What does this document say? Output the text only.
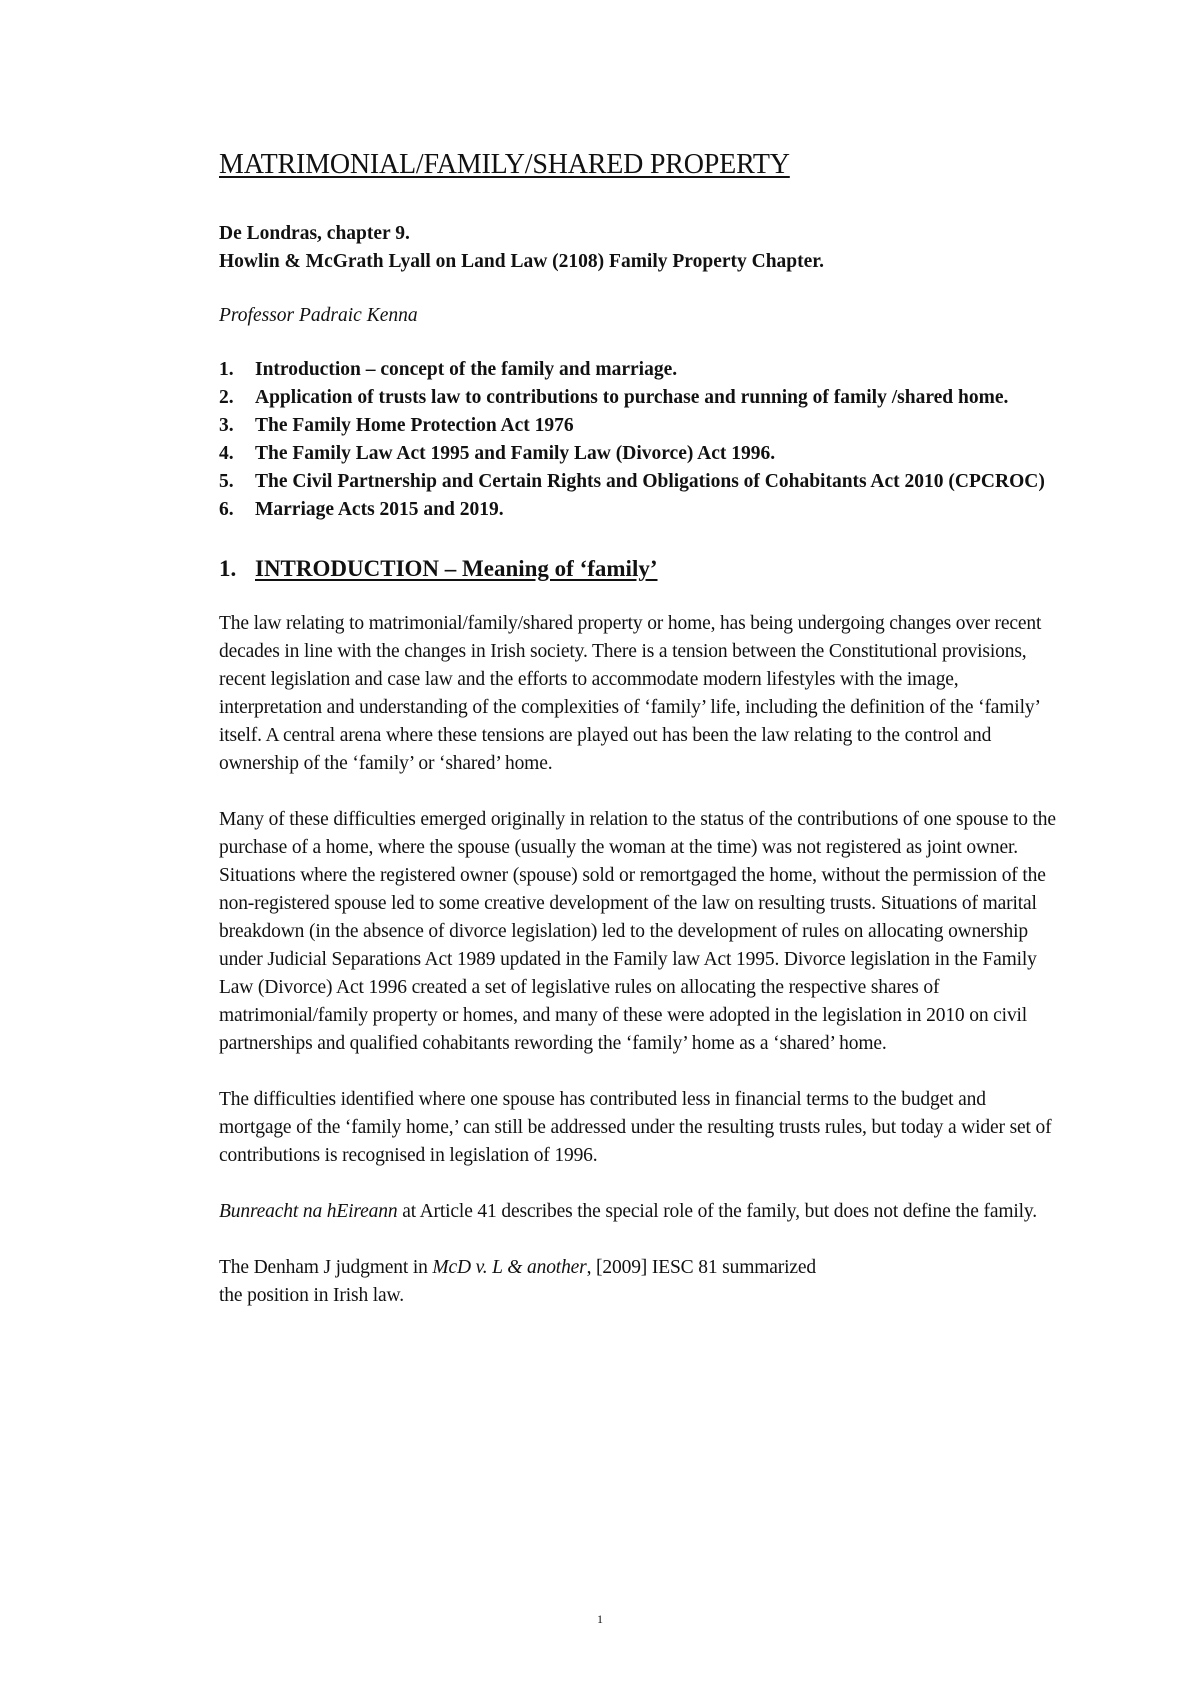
MATRIMONIAL/FAMILY/SHARED PROPERTY
De Londras, chapter 9.
Howlin & McGrath Lyall on Land Law (2108) Family Property Chapter.
Professor Padraic Kenna
1. Introduction – concept of the family and marriage.
2. Application of trusts law to contributions to purchase and running of family /shared home.
3. The Family Home Protection Act 1976
4. The Family Law Act 1995 and Family Law (Divorce) Act 1996.
5. The Civil Partnership and Certain Rights and Obligations of Cohabitants Act 2010 (CPCROC)
6. Marriage Acts 2015 and 2019.
1. INTRODUCTION – Meaning of ‘family’

The law relating to matrimonial/family/shared property or home, has being undergoing changes over recent decades in line with the changes in Irish society. There is a tension between the Constitutional provisions, recent legislation and case law and the efforts to accommodate modern lifestyles with the image, interpretation and understanding of the complexities of ‘family’ life, including the definition of the ‘family’ itself. A central arena where these tensions are played out has been the law relating to the control and ownership of the ‘family’ or ‘shared’ home.

Many of these difficulties emerged originally in relation to the status of the contributions of one spouse to the purchase of a home, where the spouse (usually the woman at the time) was not registered as joint owner. Situations where the registered owner (spouse) sold or remortgaged the home, without the permission of the non-registered spouse led to some creative development of the law on resulting trusts. Situations of marital breakdown (in the absence of divorce legislation) led to the development of rules on allocating ownership under Judicial Separations Act 1989 updated in the Family law Act 1995. Divorce legislation in the Family Law (Divorce) Act 1996 created a set of legislative rules on allocating the respective shares of matrimonial/family property or homes, and many of these were adopted in the legislation in 2010 on civil partnerships and qualified cohabitants rewording the ‘family’ home as a ‘shared’ home.

The difficulties identified where one spouse has contributed less in financial terms to the budget and mortgage of the ‘family home,’ can still be addressed under the resulting trusts rules, but today a wider set of contributions is recognised in legislation of 1996.

Bunreacht na hEireann at Article 41 describes the special role of the family, but does not define the family.

The Denham J judgment in McD v. L & another, [2009] IESC 81 summarized
the position in Irish law.

1
